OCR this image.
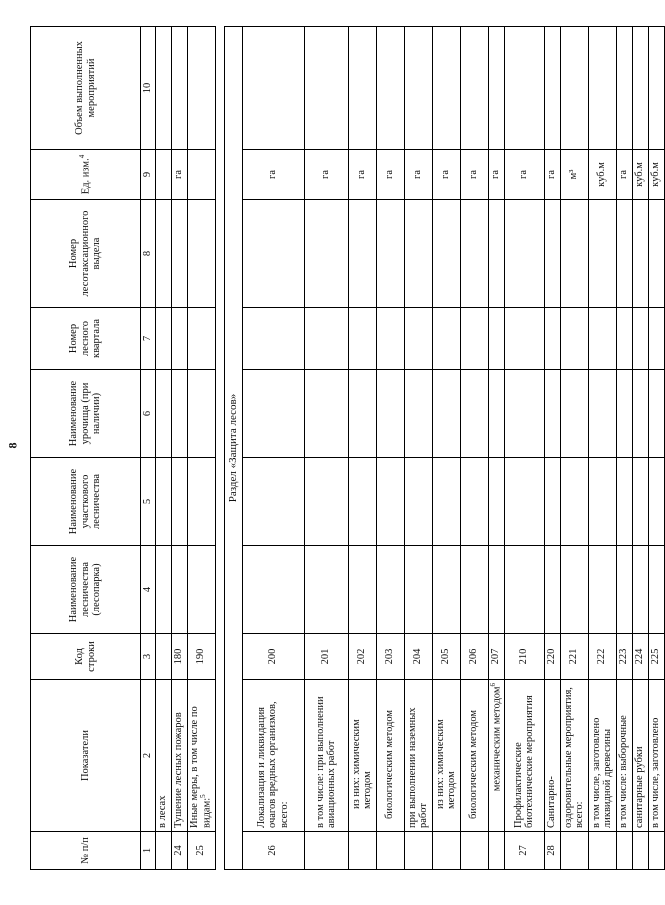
8
№ п/п	Показатели	Код строки	Наименование лесничества (лесопарка)	Наименование участкового лесничества	Наименование урочища (при наличии)	Номер лесного квартала	Номер лесотаксационного выдела	Ед. изм.$^4$	Объем выполненных мероприятий
1	2	3	4	5	6	7	8	9	10
	в лесах								
24	Тушение лесных пожаров	180						га	
25	Иные меры, в том числе по видам:$^5$	190							

Раздел «Защита лесов»									
26	Локализация и ликвидация очагов вредных организмов, всего:	200						га	
	в том числе: при выполнении авиационных работ	201						га	
	из них: химическим методом	202						га	
	биологическим методом	203						га	
	при выполнении наземных работ	204						га	
	из них: химическим методом	205						га	
	биологическим методом	206						га	
	механическим методом$^6$	207						га	
27	Профилактические биотехнические мероприятия	210						га	
28	Санитарно-	220						га	
	оздоровительные мероприятия, всего:	221						м³	
	в том числе, заготовлено ликвидной древесины	222						куб.м	
	в том числе: выборочные	223						га	
	санитарные рубки	224						куб.м	
	в том числе, заготовлено	225						куб.м	
